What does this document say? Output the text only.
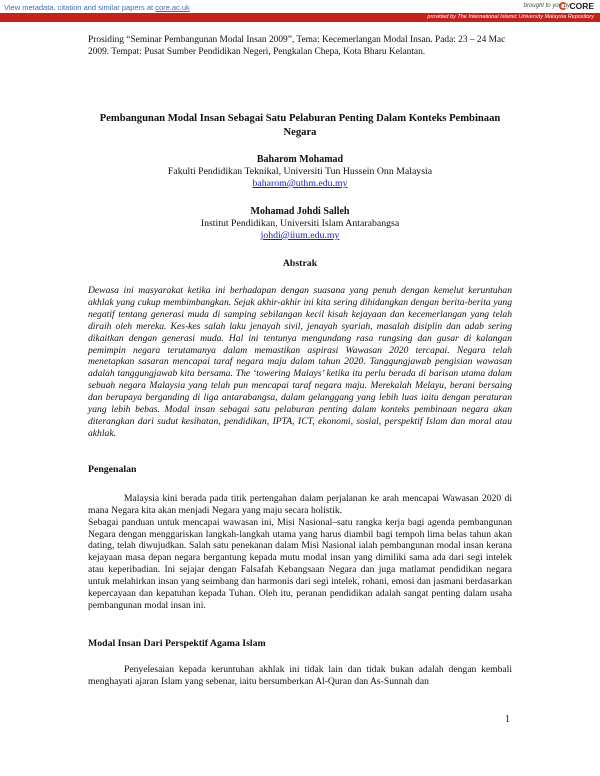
View metadata, citation and similar papers at core.ac.uk	brought to you by CORE
provided by The International Islamic University Malaysia Repository

Prosiding “Seminar Pembangunan Modal Insan 2009”, Tema: Kecemerlangan Modal Insan. Pada: 23 – 24 Mac 2009. Tempat: Pusat Sumber Pendidikan Negeri, Pengkalan Chepa, Kota Bharu Kelantan.

Pembangunan Modal Insan Sebagai Satu Pelaburan Penting Dalam Konteks Pembinaan Negara

Baharom Mohamad

Fakulti Pendidikan Teknikal, Universiti Tun Hussein Onn Malaysia

baharom@uthm.edu.my

Mohamad Johdi Salleh

Institut Pendidikan, Universiti Islam Antarabangsa

johdi@iium.edu.my

Abstrak

Dewasa ini masyarakat ketika ini berhadapan dengan suasana yang penuh dengan kemelut keruntuhan akhlak yang cukup membimbangkan. Sejak akhir-akhir ini kita sering dihidangkan dengan berita-berita yang negatif tentang generasi muda di samping sebilangan kecil kisah kejayaan dan kecemerlangan yang telah diraih oleh mereka. Kes-kes salah laku jenayah sivil, jenayah syariah, masalah disiplin dan adab sering dikaitkan dengan generasi muda. Hal ini tentunya mengundang rasa rungsing dan gusar di kalangan pemimpin negara terutamanya dalam memastikan aspirasi Wawasan 2020 tercapai. Negara telah menetapkan sasaran mencapai taraf negara maju dalam tahun 2020. Tanggungjawab pengisian wawasan adalah tanggungjawab kita bersama. The ‘towering Malays’ ketika itu perlu berada di barisan utama dalam sebuah negara Malaysia yang telah pun mencapai taraf negara maju. Merekalah Melayu, berani bersaing dan berupaya berganding di liga antarabangsa, dalam gelanggang yang lebih luas iaitu dengan peraturan yang lebih bebas. Modal insan sebagai satu pelaburan penting dalam konteks pembinaan negara akan diterangkan dari sudut kesihatan, pendidikan, IPTA, ICT, ekonomi, sosial, perspektif Islam dan moral atau akhlak.

Pengenalan

Malaysia kini berada pada titik pertengahan dalam perjalanan ke arah mencapai Wawasan 2020 di mana Negara kita akan menjadi Negara yang maju secara holistik.

Sebagai panduan untuk mencapai wawasan ini, Misi Nasional–satu rangka kerja bagi agenda pembangunan Negara dengan menggariskan langkah-langkah utama yang harus diambil bagi tempoh lima belas tahun akan dating, telah diwujudkan. Salah satu penekanan dalam Misi Nasional ialah pembangunan modal insan kerana kejayaan masa depan negara bergantung kepada mutu modal insan yang dimiliki sama ada dari segi intelek atau keperibadian. Ini sejajar dengan Falsafah Kebangsaan Negara dan juga matlamat pendidikan negara untuk melahirkan insan yang seimbang dan harmonis dari segi intelek, rohani, emosi dan jasmani berdasarkan kepercayaan dan kepatuhan kepada Tuhan. Oleh itu, peranan pendidikan adalah sangat penting dalam usaha pembangunan modal insan ini.

Modal Insan Dari Perspektif Agama Islam

Penyelesaian kepada keruntuhan akhlak ini tidak lain dan tidak bukan adalah dengan kembali menghayati ajaran Islam yang sebenar, iaitu bersumberkan Al-Quran dan As-Sunnah dan

1
